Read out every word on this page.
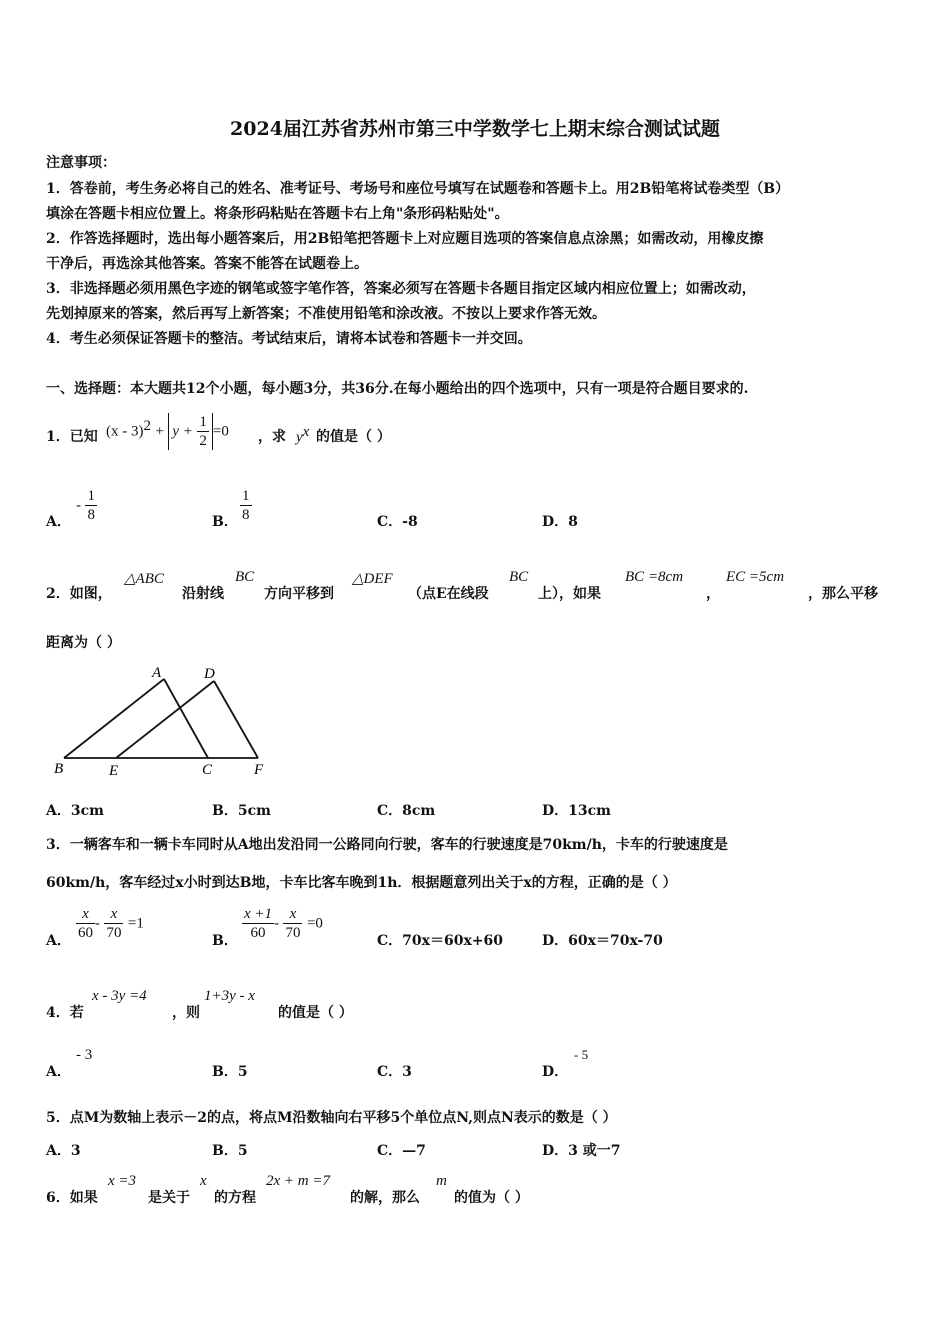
2024届江苏省苏州市第三中学数学七上期末综合测试试题
注意事项：
1．答卷前，考生务必将自己的姓名、准考证号、考场号和座位号填写在试题卷和答题卡上。用2B铅笔将试卷类型（B）
填涂在答题卡相应位置上。将条形码粘贴在答题卡右上角"条形码粘贴处"。
2．作答选择题时，选出每小题答案后，用2B铅笔把答题卡上对应题目选项的答案信息点涂黑；如需改动，用橡皮擦
干净后，再选涂其他答案。答案不能答在试题卷上。
3．非选择题必须用黑色字迹的钢笔或签字笔作答，答案必须写在答题卡各题目指定区域内相应位置上；如需改动，
先划掉原来的答案，然后再写上新答案；不准使用铅笔和涂改液。不按以上要求作答无效。
4．考生必须保证答题卡的整洁。考试结束后，请将本试卷和答题卡一并交回。
一、选择题：本大题共12个小题，每小题3分，共36分.在每小题给出的四个选项中，只有一项是符合题目要求的.
1．已知 $(x - 3)^2 + y + \frac{1}{2} =0$ ，求 $y^x$ 的值是（ ）
A．
- $\frac{1}{8}$	B． $\frac{1}{8}$	C．-8	D．8
2．如图，
△ABC
沿射线
BC
方向平移到
△DEF
（点E在线段
BC
上），如果
BC =8cm
，
EC =5cm
，那么平移
距离为（ ）
A	D
B	E	C	F
A．3cm	B．5cm	C．8cm	D．13cm
3．一辆客车和一辆卡车同时从A地出发沿同一公路同向行驶，客车的行驶速度是70km/h，卡车的行驶速度是
60km/h，客车经过x小时到达B地，卡车比客车晚到1h．根据题意列出关于x的方程，正确的是（ ）
A． $\frac{x}{60} - \frac{x}{70} =1$
B． $\frac{x +1}{60} - \frac{x}{70} =0$
C．70x＝60x+60	D．60x＝70x-70
4．若
x - 3y =4
，则
1+3y - x
的值是（ ）
A．
- 3
B．5	C．3	D．
- 5
5．点M为数轴上表示－2的点，将点M沿数轴向右平移5个单位点N,则点N表示的数是（ ）
A．3	B．5	C．—7	D．3 或一7
6．如果
x =3
是关于
x
的方程
2x + m =7
的解，那么
m
的值为（ ）
